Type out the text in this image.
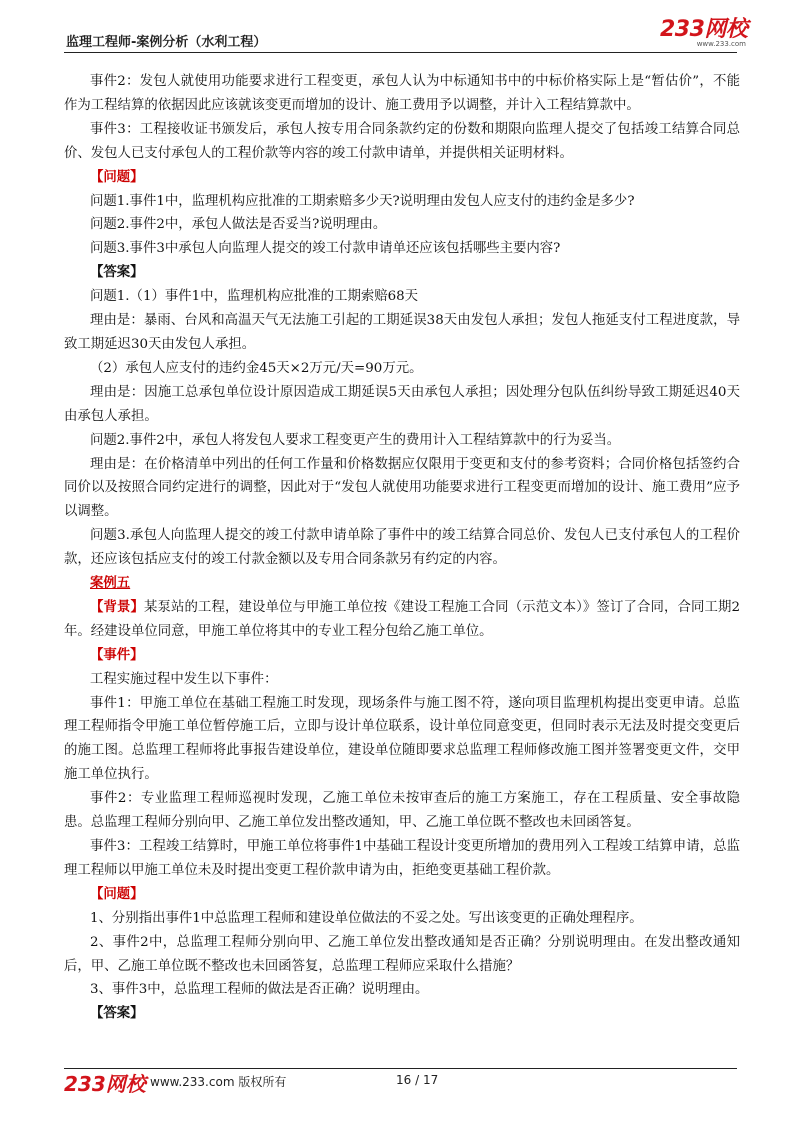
监理工程师-案例分析（水利工程）
233网校
www.233.com

事件2：发包人就使用功能要求进行工程变更，承包人认为中标通知书中的中标价格实际上是“暂估价”，不能作为工程结算的依据因此应该就该变更而增加的设计、施工费用予以调整，并计入工程结算款中。

事件3：工程接收证书颁发后，承包人按专用合同条款约定的份数和期限向监理人提交了包括竣工结算合同总价、发包人已支付承包人的工程价款等内容的竣工付款申请单，并提供相关证明材料。

【问题】

问题1.事件1中，监理机构应批准的工期索赔多少天?说明理由发包人应支付的违约金是多少?

问题2.事件2中，承包人做法是否妥当?说明理由。

问题3.事件3中承包人向监理人提交的竣工付款申请单还应该包括哪些主要内容?

【答案】

问题1.（1）事件1中，监理机构应批准的工期索赔68天

理由是：暴雨、台风和高温天气无法施工引起的工期延误38天由发包人承担；发包人拖延支付工程进度款，导致工期延迟30天由发包人承担。

（2）承包人应支付的违约金45天×2万元/天=90万元。

理由是：因施工总承包单位设计原因造成工期延误5天由承包人承担；因处理分包队伍纠纷导致工期延迟40天由承包人承担。

问题2.事件2中，承包人将发包人要求工程变更产生的费用计入工程结算款中的行为妥当。

理由是：在价格清单中列出的任何工作量和价格数据应仅限用于变更和支付的参考资料；合同价格包括签约合同价以及按照合同约定进行的调整，因此对于“发包人就使用功能要求进行工程变更而增加的设计、施工费用”应予以调整。

问题3.承包人向监理人提交的竣工付款申请单除了事件中的竣工结算合同总价、发包人已支付承包人的工程价款，还应该包括应支付的竣工付款金额以及专用合同条款另有约定的内容。

案例五

【背景】某泵站的工程，建设单位与甲施工单位按《建设工程施工合同（示范文本）》签订了合同，合同工期2年。经建设单位同意，甲施工单位将其中的专业工程分包给乙施工单位。

【事件】

工程实施过程中发生以下事件：

事件1：甲施工单位在基础工程施工时发现，现场条件与施工图不符，遂向项目监理机构提出变更申请。总监理工程师指令甲施工单位暂停施工后，立即与设计单位联系，设计单位同意变更，但同时表示无法及时提交变更后的施工图。总监理工程师将此事报告建设单位，建设单位随即要求总监理工程师修改施工图并签署变更文件，交甲施工单位执行。

事件2：专业监理工程师巡视时发现，乙施工单位未按审查后的施工方案施工，存在工程质量、安全事故隐患。总监理工程师分别向甲、乙施工单位发出整改通知，甲、乙施工单位既不整改也未回函答复。

事件3：工程竣工结算时，甲施工单位将事件1中基础工程设计变更所增加的费用列入工程竣工结算申请，总监理工程师以甲施工单位未及时提出变更工程价款申请为由，拒绝变更基础工程价款。

【问题】

1、分别指出事件1中总监理工程师和建设单位做法的不妥之处。写出该变更的正确处理程序。

2、事件2中，总监理工程师分别向甲、乙施工单位发出整改通知是否正确？分别说明理由。在发出整改通知后，甲、乙施工单位既不整改也未回函答复，总监理工程师应采取什么措施？

3、事件3中，总监理工程师的做法是否正确？说明理由。

【答案】

233网校 www.233.com 版权所有	16 / 17
